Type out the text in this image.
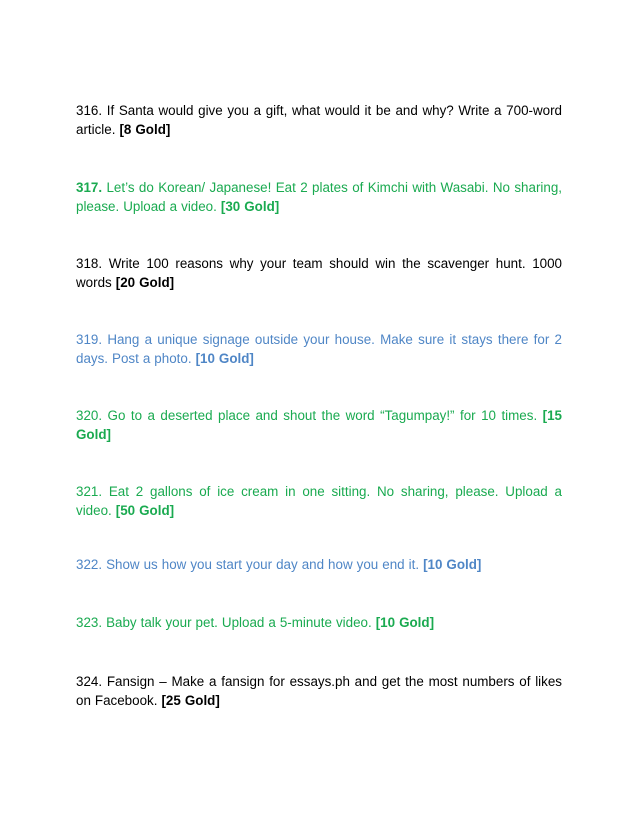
316. If Santa would give you a gift, what would it be and why? Write a 700-word article. [8 Gold]

317. Let’s do Korean/ Japanese! Eat 2 plates of Kimchi with Wasabi. No sharing, please. Upload a video. [30 Gold]

318. Write 100 reasons why your team should win the scavenger hunt. 1000 words [20 Gold]

319. Hang a unique signage outside your house. Make sure it stays there for 2 days. Post a photo. [10 Gold]

320. Go to a deserted place and shout the word “Tagumpay!” for 10 times. [15 Gold]

321. Eat 2 gallons of ice cream in one sitting. No sharing, please. Upload a video. [50 Gold]

322. Show us how you start your day and how you end it. [10 Gold]

323. Baby talk your pet. Upload a 5-minute video. [10 Gold]

324. Fansign – Make a fansign for essays.ph and get the most numbers of likes on Facebook. [25 Gold]
